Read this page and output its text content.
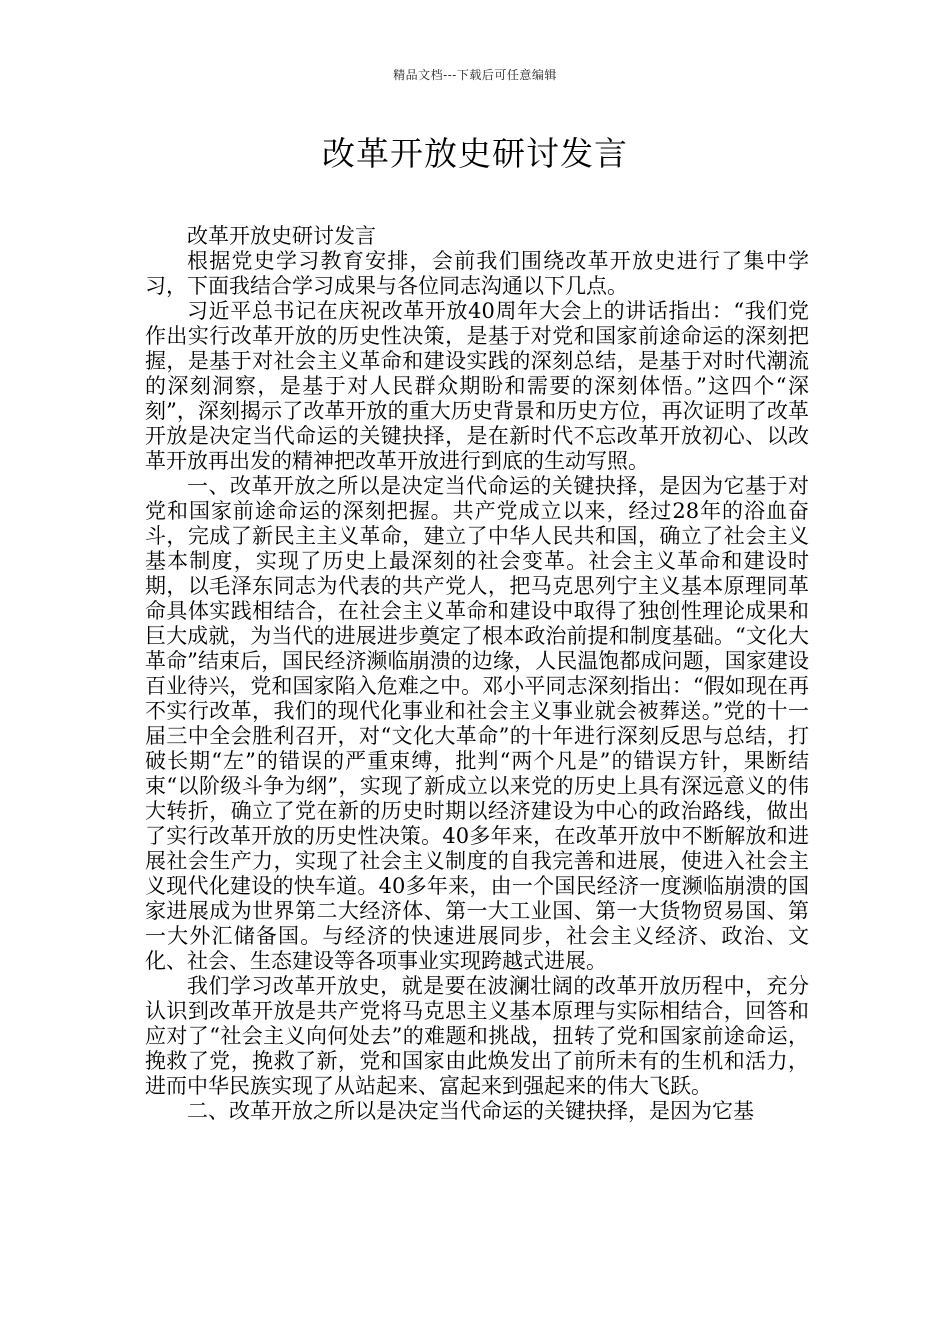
精品文档---下载后可任意编辑
改革开放史研讨发言

改革开放史研讨发言

根据党史学习教育安排，会前我们围绕改革开放史进行了集中学习，下面我结合学习成果与各位同志沟通以下几点。

习近平总书记在庆祝改革开放40周年大会上的讲话指出：“我们党作出实行改革开放的历史性决策，是基于对党和国家前途命运的深刻把握，是基于对社会主义革命和建设实践的深刻总结，是基于对时代潮流的深刻洞察，是基于对人民群众期盼和需要的深刻体悟。”这四个“深刻”，深刻揭示了改革开放的重大历史背景和历史方位，再次证明了改革开放是决定当代命运的关键抉择，是在新时代不忘改革开放初心、以改革开放再出发的精神把改革开放进行到底的生动写照。

一、改革开放之所以是决定当代命运的关键抉择，是因为它基于对党和国家前途命运的深刻把握。共产党成立以来，经过28年的浴血奋斗，完成了新民主主义革命，建立了中华人民共和国，确立了社会主义基本制度，实现了历史上最深刻的社会变革。社会主义革命和建设时期，以毛泽东同志为代表的共产党人，把马克思列宁主义基本原理同革命具体实践相结合，在社会主义革命和建设中取得了独创性理论成果和巨大成就，为当代的进展进步奠定了根本政治前提和制度基础。“文化大革命”结束后，国民经济濒临崩溃的边缘，人民温饱都成问题，国家建设百业待兴，党和国家陷入危难之中。邓小平同志深刻指出：“假如现在再不实行改革，我们的现代化事业和社会主义事业就会被葬送。”党的十一届三中全会胜利召开，对“文化大革命”的十年进行深刻反思与总结，打破长期“左”的错误的严重束缚，批判“两个凡是”的错误方针，果断结束“以阶级斗争为纲”，实现了新成立以来党的历史上具有深远意义的伟大转折，确立了党在新的历史时期以经济建设为中心的政治路线，做出了实行改革开放的历史性决策。40多年来，在改革开放中不断解放和进展社会生产力，实现了社会主义制度的自我完善和进展，使进入社会主义现代化建设的快车道。40多年来，由一个国民经济一度濒临崩溃的国家进展成为世界第二大经济体、第一大工业国、第一大货物贸易国、第一大外汇储备国。与经济的快速进展同步，社会主义经济、政治、文化、社会、生态建设等各项事业实现跨越式进展。

我们学习改革开放史，就是要在波澜壮阔的改革开放历程中，充分认识到改革开放是共产党将马克思主义基本原理与实际相结合，回答和应对了“社会主义向何处去”的难题和挑战，扭转了党和国家前途命运，挽救了党，挽救了新，党和国家由此焕发出了前所未有的生机和活力，进而中华民族实现了从站起来、富起来到强起来的伟大飞跃。

二、改革开放之所以是决定当代命运的关键抉择，是因为它基
